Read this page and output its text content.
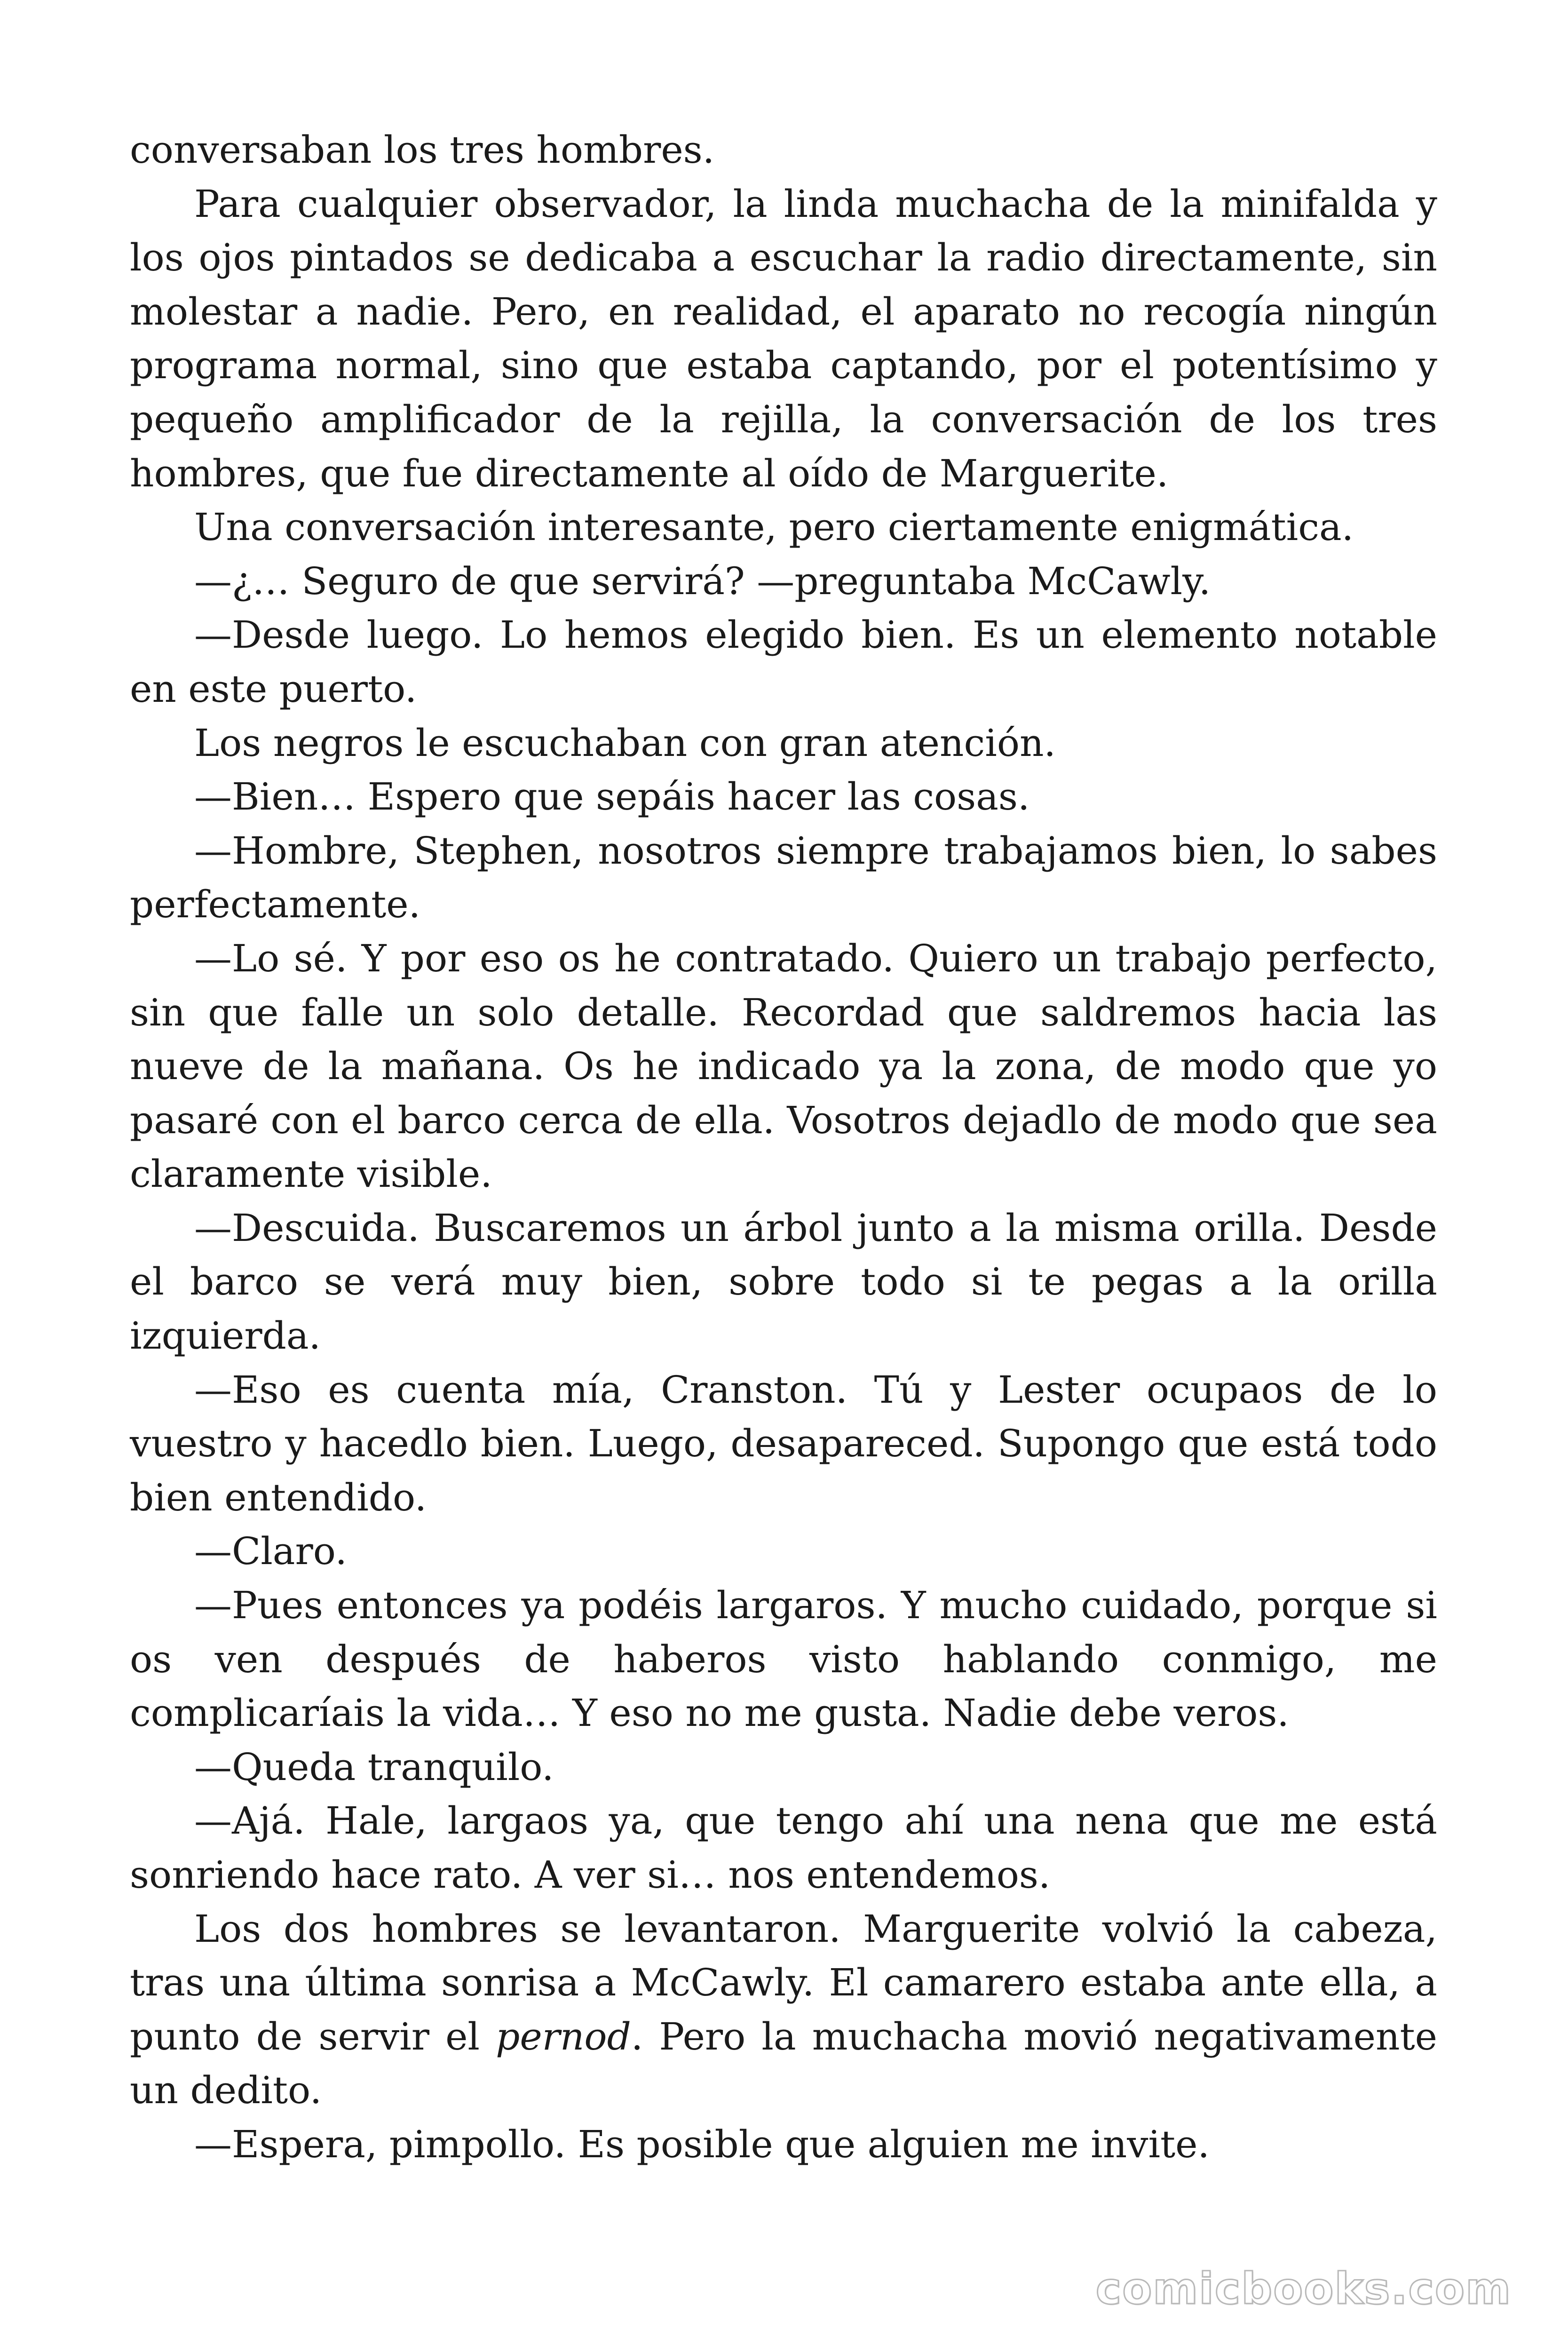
conversaban los tres hombres.

Para cualquier observador, la linda muchacha de la minifalda y los ojos pintados se dedicaba a escuchar la radio directamente, sin molestar a nadie. Pero, en realidad, el aparato no recogía ningún programa normal, sino que estaba captando, por el potentísimo y pequeño amplificador de la rejilla, la conversación de los tres hombres, que fue directamente al oído de Marguerite.

Una conversación interesante, pero ciertamente enigmática.

—¿… Seguro de que servirá? —preguntaba McCawly.

—Desde luego. Lo hemos elegido bien. Es un elemento notable en este puerto.

Los negros le escuchaban con gran atención.

—Bien… Espero que sepáis hacer las cosas.

—Hombre, Stephen, nosotros siempre trabajamos bien, lo sabes perfectamente.

—Lo sé. Y por eso os he contratado. Quiero un trabajo perfecto, sin que falle un solo detalle. Recordad que saldremos hacia las nueve de la mañana. Os he indicado ya la zona, de modo que yo pasaré con el barco cerca de ella. Vosotros dejadlo de modo que sea claramente visible.

—Descuida. Buscaremos un árbol junto a la misma orilla. Desde el barco se verá muy bien, sobre todo si te pegas a la orilla izquierda.

—Eso es cuenta mía, Cranston. Tú y Lester ocupaos de lo vuestro y hacedlo bien. Luego, desapareced. Supongo que está todo bien entendido.

—Claro.

—Pues entonces ya podéis largaros. Y mucho cuidado, porque si os ven después de haberos visto hablando conmigo, me complicaríais la vida… Y eso no me gusta. Nadie debe veros.

—Queda tranquilo.

—Ajá. Hale, largaos ya, que tengo ahí una nena que me está sonriendo hace rato. A ver si… nos entendemos.

Los dos hombres se levantaron. Marguerite volvió la cabeza, tras una última sonrisa a McCawly. El camarero estaba ante ella, a punto de servir el pernod. Pero la muchacha movió negativamente un dedito.

—Espera, pimpollo. Es posible que alguien me invite.

comicbooks.com
